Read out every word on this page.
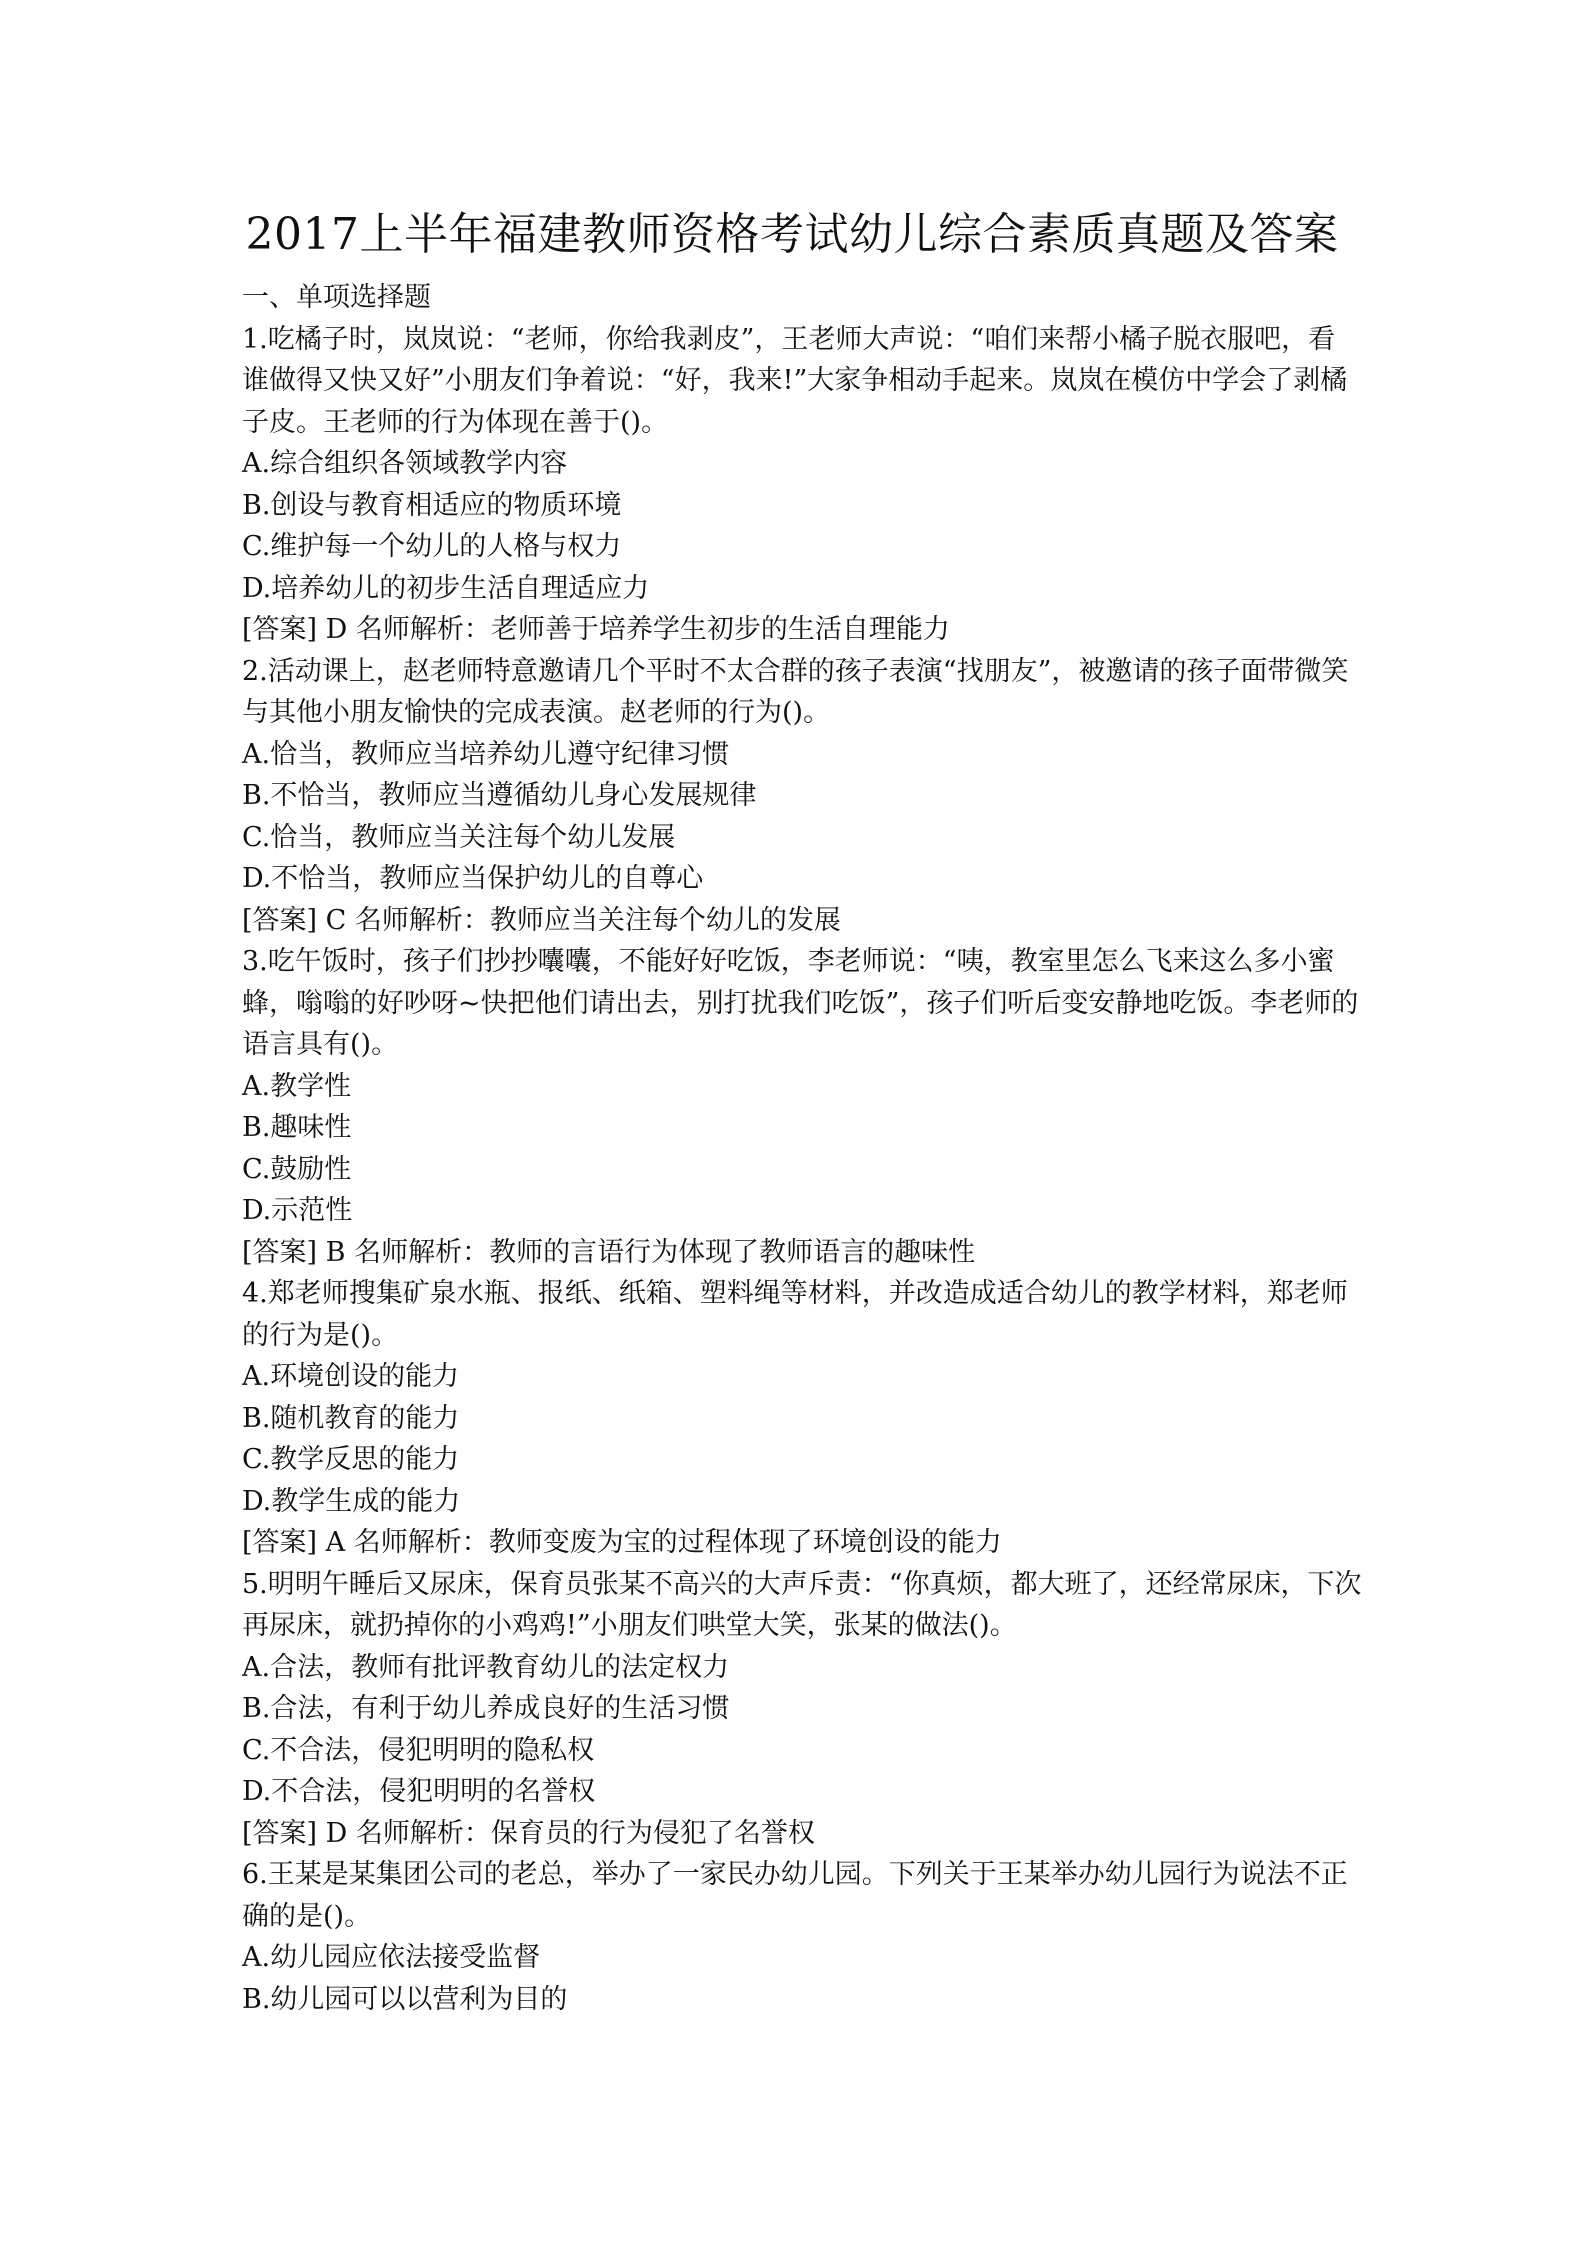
2017上半年福建教师资格考试幼儿综合素质真题及答案

一、单项选择题

1.吃橘子时，岚岚说：“老师，你给我剥皮”，王老师大声说：“咱们来帮小橘子脱衣服吧，看谁做得又快又好”小朋友们争着说：“好，我来!”大家争相动手起来。岚岚在模仿中学会了剥橘子皮。王老师的行为体现在善于()。

A.综合组织各领域教学内容

B.创设与教育相适应的物质环境

C.维护每一个幼儿的人格与权力

D.培养幼儿的初步生活自理适应力

[答案] D 名师解析：老师善于培养学生初步的生活自理能力

2.活动课上，赵老师特意邀请几个平时不太合群的孩子表演“找朋友”，被邀请的孩子面带微笑与其他小朋友愉快的完成表演。赵老师的行为()。

A.恰当，教师应当培养幼儿遵守纪律习惯

B.不恰当，教师应当遵循幼儿身心发展规律

C.恰当，教师应当关注每个幼儿发展

D.不恰当，教师应当保护幼儿的自尊心

[答案] C 名师解析：教师应当关注每个幼儿的发展

3.吃午饭时，孩子们抄抄囔囔，不能好好吃饭，李老师说：“咦，教室里怎么飞来这么多小蜜蜂，嗡嗡的好吵呀~快把他们请出去，别打扰我们吃饭”，孩子们听后变安静地吃饭。李老师的语言具有()。

A.教学性

B.趣味性

C.鼓励性

D.示范性

[答案] B 名师解析：教师的言语行为体现了教师语言的趣味性

4.郑老师搜集矿泉水瓶、报纸、纸箱、塑料绳等材料，并改造成适合幼儿的教学材料，郑老师的行为是()。

A.环境创设的能力

B.随机教育的能力

C.教学反思的能力

D.教学生成的能力

[答案] A 名师解析：教师变废为宝的过程体现了环境创设的能力

5.明明午睡后又尿床，保育员张某不高兴的大声斥责：“你真烦，都大班了，还经常尿床，下次再尿床，就扔掉你的小鸡鸡!”小朋友们哄堂大笑，张某的做法()。

A.合法，教师有批评教育幼儿的法定权力

B.合法，有利于幼儿养成良好的生活习惯

C.不合法，侵犯明明的隐私权

D.不合法，侵犯明明的名誉权

[答案] D 名师解析：保育员的行为侵犯了名誉权

6.王某是某集团公司的老总，举办了一家民办幼儿园。下列关于王某举办幼儿园行为说法不正确的是()。

A.幼儿园应依法接受监督

B.幼儿园可以以营利为目的
